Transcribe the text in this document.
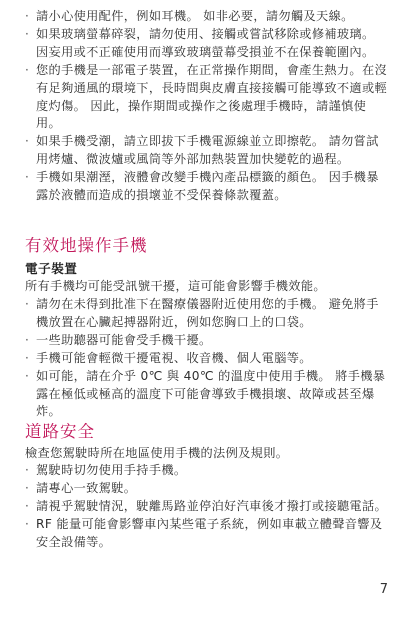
· 請小心使用配件，例如耳機。 如非必要，請勿觸及天線。
· 如果玻璃螢幕碎裂，請勿使用、接觸或嘗試移除或修補玻璃。 因妄用或不正確使用而導致玻璃螢幕受損並不在保養範圍內。
· 您的手機是一部電子裝置，在正常操作期間，會產生熱力。在沒有足夠通風的環境下，長時間與皮膚直接接觸可能導致不適或輕度灼傷。 因此，操作期間或操作之後處理手機時，請謹慎使用。
· 如果手機受潮，請立即拔下手機電源線並立即擦乾。 請勿嘗試用烤爐、微波爐或風筒等外部加熱裝置加快變乾的過程。
· 手機如果潮溼，液體會改變手機內產品標籤的顏色。 因手機暴露於液體而造成的損壞並不受保養條款覆蓋。
有效地操作手機
電子裝置

所有手機均可能受訊號干擾，這可能會影響手機效能。

· 請勿在未得到批准下在醫療儀器附近使用您的手機。 避免將手機放置在心臟起搏器附近，例如您胸口上的口袋。
· 一些助聽器可能會受手機干擾。
· 手機可能會輕微干擾電視、收音機、個人電腦等。
· 如可能，請在介乎 0℃ 與 40℃ 的溫度中使用手機。 將手機暴露在極低或極高的溫度下可能會導致手機損壞、故障或甚至爆炸。
道路安全

檢查您駕駛時所在地區使用手機的法例及規則。

· 駕駛時切勿使用手持手機。
· 請專心一致駕駛。
· 請視乎駕駛情況，駛離馬路並停泊好汽車後才撥打或接聽電話。
· RF 能量可能會影響車內某些電子系統，例如車載立體聲音響及安全設備等。
7
